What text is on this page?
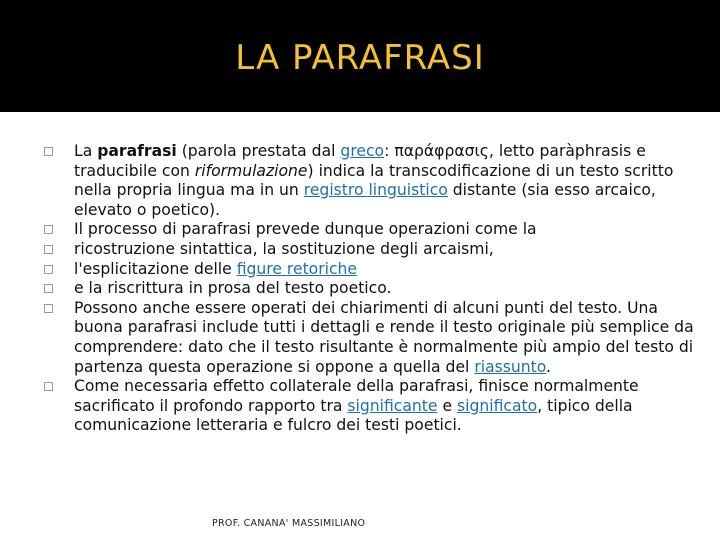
LA PARAFRASI
La parafrasi (parola prestata dal greco: παράφρασις, letto paràphrasis e traducibile con riformulazione) indica la transcodificazione di un testo scritto nella propria lingua ma in un registro linguistico distante (sia esso arcaico, elevato o poetico).
Il processo di parafrasi prevede dunque operazioni come la
ricostruzione sintattica, la sostituzione degli arcaismi,
l'esplicitazione delle figure retoriche
e la riscrittura in prosa del testo poetico.
Possono anche essere operati dei chiarimenti di alcuni punti del testo. Una buona parafrasi include tutti i dettagli e rende il testo originale più semplice da comprendere: dato che il testo risultante è normalmente più ampio del testo di partenza questa operazione si oppone a quella del riassunto.
Come necessaria effetto collaterale della parafrasi, finisce normalmente sacrificato il profondo rapporto tra significante e significato, tipico della comunicazione letteraria e fulcro dei testi poetici.
PROF. CANANA' MASSIMILIANO
